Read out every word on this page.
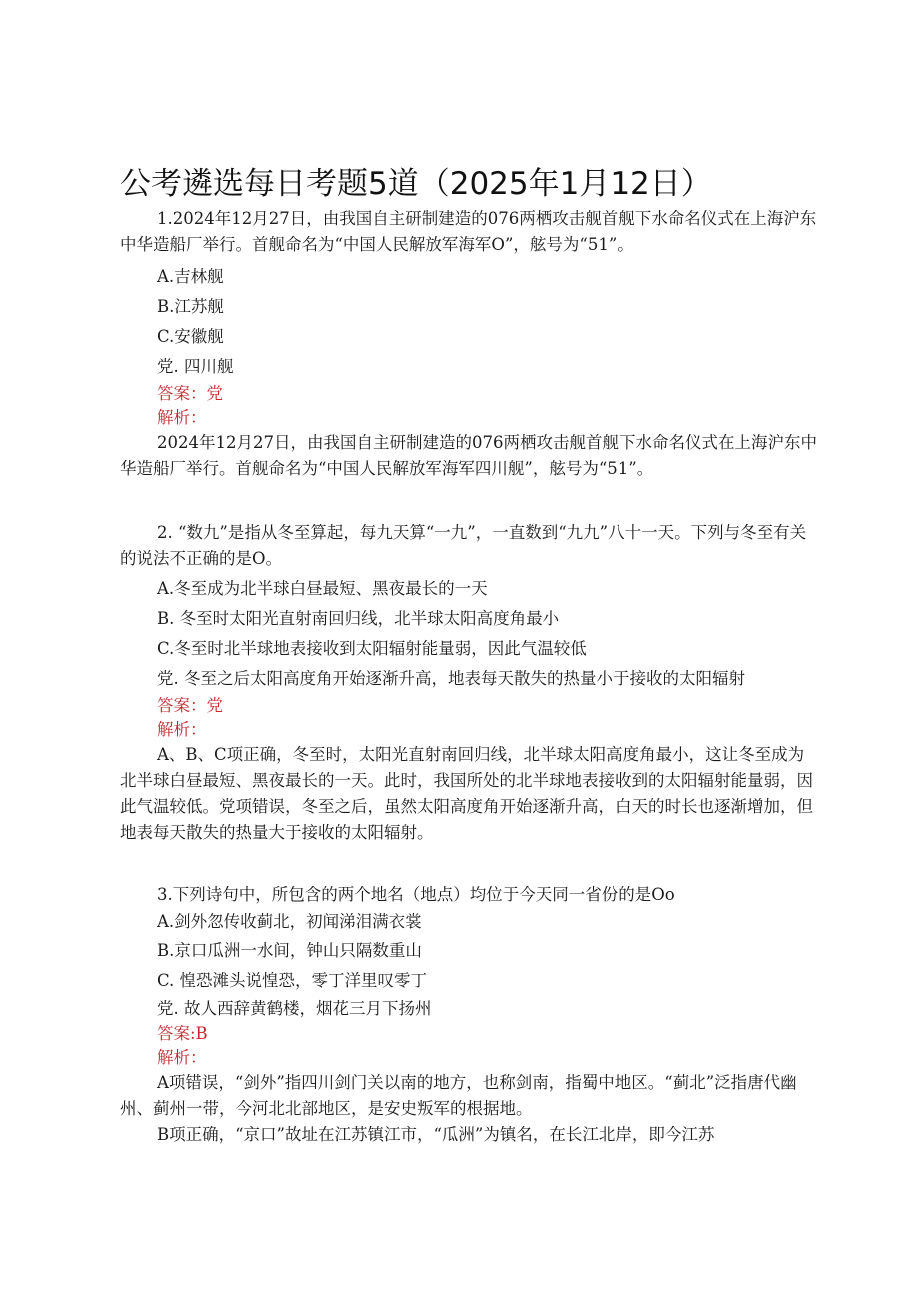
公考遴选每日考题5道（2025年1月12日）

1.2024年12月27日，由我国自主研制建造的076两栖攻击舰首舰下水命名仪式在上海沪东中华造船厂举行。首舰命名为“中国人民解放军海军O”，舷号为“51”。

A.吉林舰

B.江苏舰

C.安徽舰

党. 四川舰

答案：党

解析：

2024年12月27日，由我国自主研制建造的076两栖攻击舰首舰下水命名仪式在上海沪东中华造船厂举行。首舰命名为“中国人民解放军海军四川舰”，舷号为“51”。

2. “数九”是指从冬至算起，每九天算“一九”，一直数到“九九”八十一天。下列与冬至有关的说法不正确的是O。

A.冬至成为北半球白昼最短、黑夜最长的一天

B. 冬至时太阳光直射南回归线，北半球太阳高度角最小

C.冬至时北半球地表接收到太阳辐射能量弱，因此气温较低

党. 冬至之后太阳高度角开始逐渐升高，地表每天散失的热量小于接收的太阳辐射

答案：党

解析：

A、B、C项正确，冬至时，太阳光直射南回归线，北半球太阳高度角最小，这让冬至成为北半球白昼最短、黑夜最长的一天。此时，我国所处的北半球地表接收到的太阳辐射能量弱，因此气温较低。党项错误，冬至之后，虽然太阳高度角开始逐渐升高，白天的时长也逐渐增加，但地表每天散失的热量大于接收的太阳辐射。

3.下列诗句中，所包含的两个地名（地点）均位于今天同一省份的是Oo

A.剑外忽传收蓟北，初闻涕泪满衣裳

B.京口瓜洲一水间，钟山只隔数重山

C. 惶恐滩头说惶恐，零丁洋里叹零丁

党. 故人西辞黄鹤楼，烟花三月下扬州

答案:B

解析：

A项错误，“剑外”指四川剑门关以南的地方，也称剑南，指蜀中地区。“蓟北”泛指唐代幽州、蓟州一带，今河北北部地区，是安史叛军的根据地。

B项正确，“京口”故址在江苏镇江市，“瓜洲”为镇名，在长江北岸，即今江苏
